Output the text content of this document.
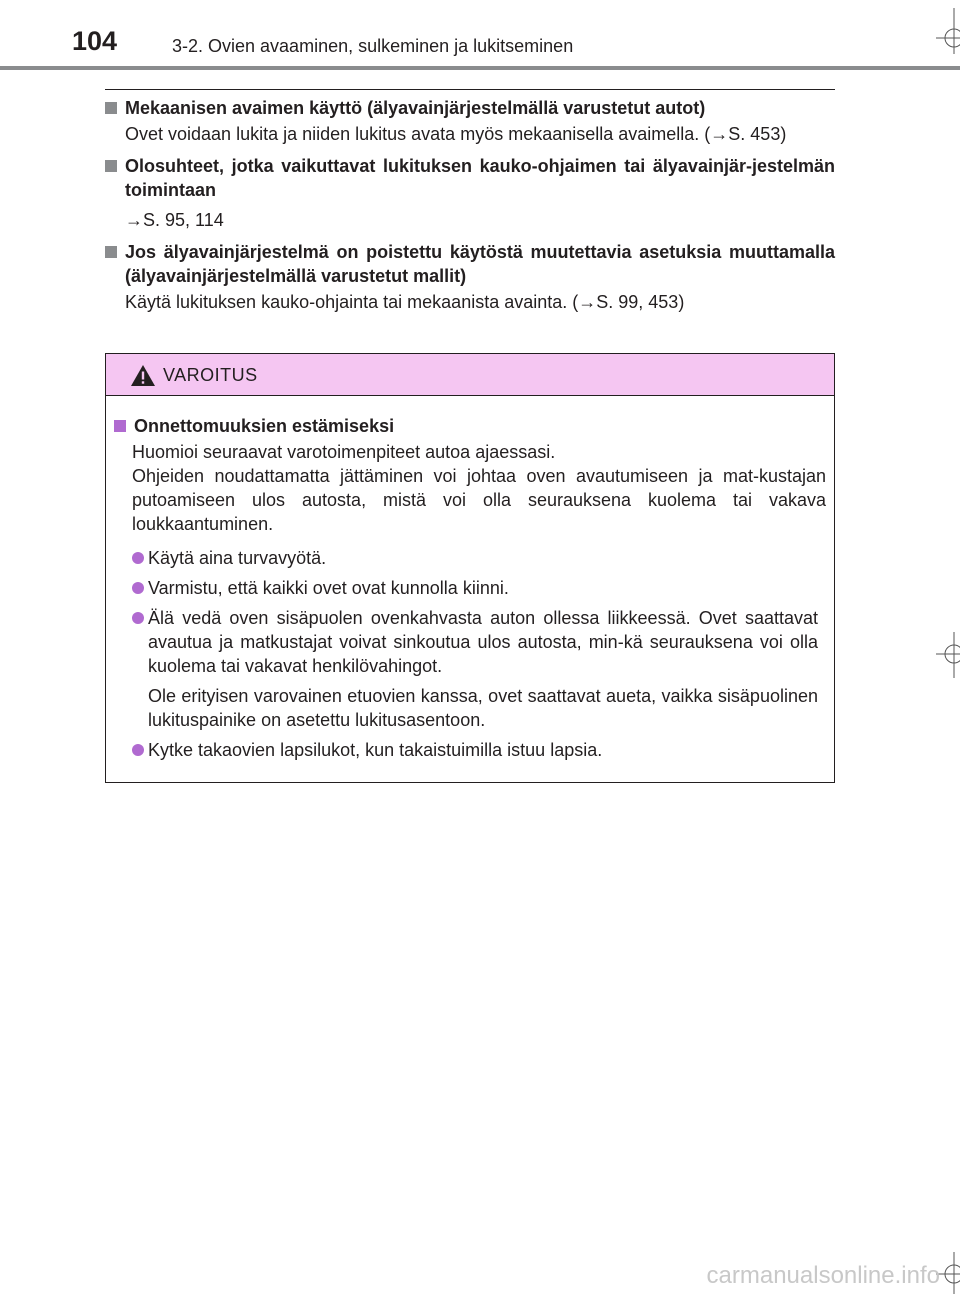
104	3-2. Ovien avaaminen, sulkeminen ja lukitseminen
Mekaanisen avaimen käyttö (älyavainjärjestelmällä varustetut autot)
Ovet voidaan lukita ja niiden lukitus avata myös mekaanisella avaimella. (→S. 453)
Olosuhteet, jotka vaikuttavat lukituksen kauko-ohjaimen tai älyavainjär-jestelmän toimintaan
→S. 95, 114
Jos älyavainjärjestelmä on poistettu käytöstä muutettavia asetuksia muuttamalla (älyavainjärjestelmällä varustetut mallit)
Käytä lukituksen kauko-ohjainta tai mekaanista avainta. (→S. 99, 453)
VAROITUS
Onnettomuuksien estämiseksi
Huomioi seuraavat varotoimenpiteet autoa ajaessasi.
Ohjeiden noudattamatta jättäminen voi johtaa oven avautumiseen ja mat-kustajan putoamiseen ulos autosta, mistä voi olla seurauksena kuolema tai vakava loukkaantuminen.
Käytä aina turvavyötä.
Varmistu, että kaikki ovet ovat kunnolla kiinni.
Älä vedä oven sisäpuolen ovenkahvasta auton ollessa liikkeessä. Ovet saattavat avautua ja matkustajat voivat sinkoutua ulos autosta, min-kä seurauksena voi olla kuolema tai vakavat henkilövahingot.
Ole erityisen varovainen etuovien kanssa, ovet saattavat aueta, vaikka sisäpuolinen lukituspainike on asetettu lukitusasentoon.
Kytke takaovien lapsilukot, kun takaistuimilla istuu lapsia.
carmanualsonline.info
